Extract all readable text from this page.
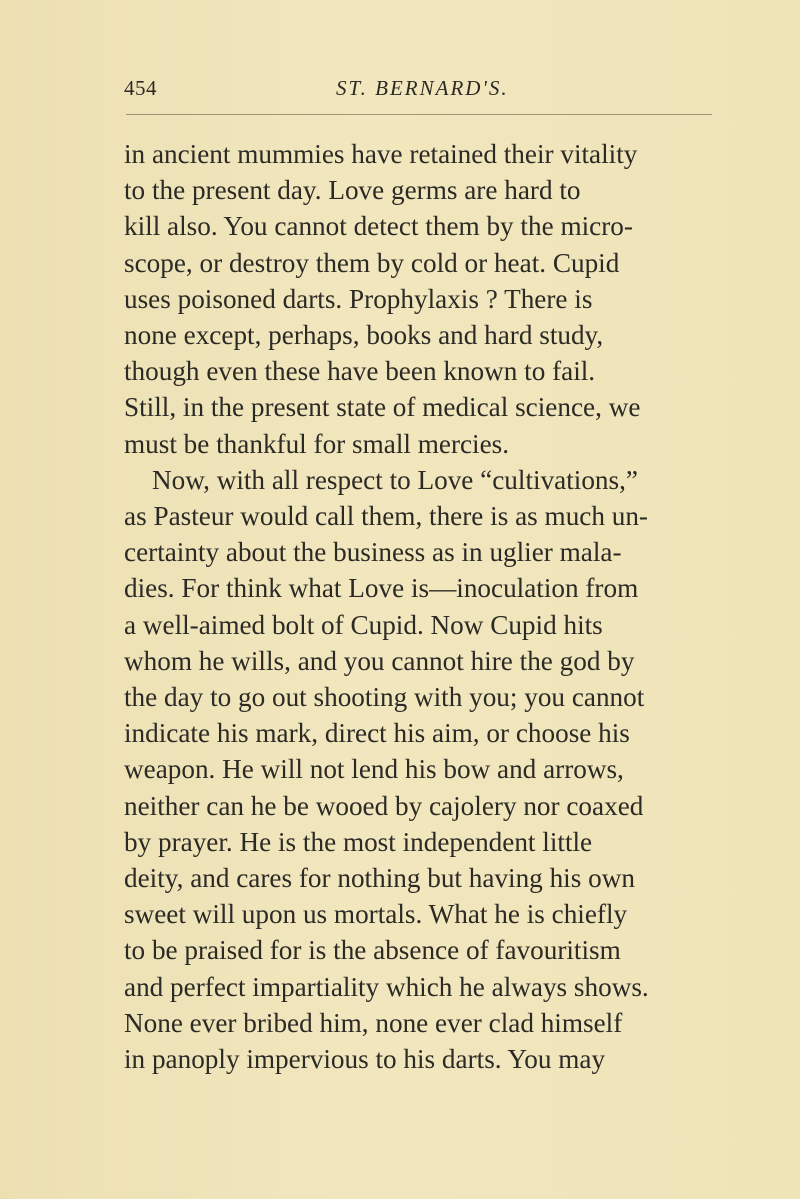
454	ST. BERNARD'S.
in ancient mummies have retained their vitality
to the present day. Love germs are hard to
kill also. You cannot detect them by the micro-
scope, or destroy them by cold or heat. Cupid
uses poisoned darts. Prophylaxis ? There is
none except, perhaps, books and hard study,
though even these have been known to fail.
Still, in the present state of medical science, we
must be thankful for small mercies.
Now, with all respect to Love “cultivations,”
as Pasteur would call them, there is as much un-
certainty about the business as in uglier mala-
dies. For think what Love is—inoculation from
a well-aimed bolt of Cupid. Now Cupid hits
whom he wills, and you cannot hire the god by
the day to go out shooting with you; you cannot
indicate his mark, direct his aim, or choose his
weapon. He will not lend his bow and arrows,
neither can he be wooed by cajolery nor coaxed
by prayer. He is the most independent little
deity, and cares for nothing but having his own
sweet will upon us mortals. What he is chiefly
to be praised for is the absence of favouritism
and perfect impartiality which he always shows.
None ever bribed him, none ever clad himself
in panoply impervious to his darts. You may
